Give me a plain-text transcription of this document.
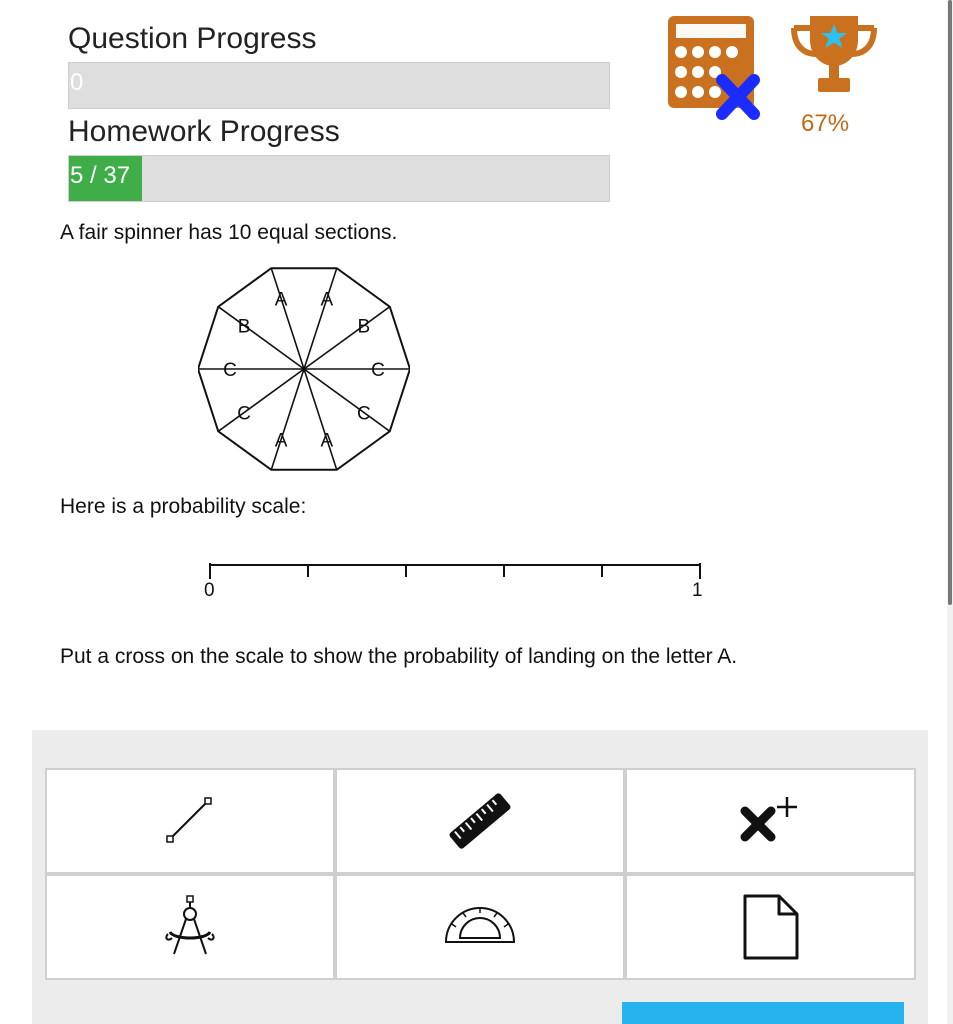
Question Progress
0
Homework Progress
5 / 37
67%
A fair spinner has 10 equal sections.
A A
B
C
C
A
A
C
C
B
Here is a probability scale:
0	1
Put a cross on the scale to show the probability of landing on the letter A.
